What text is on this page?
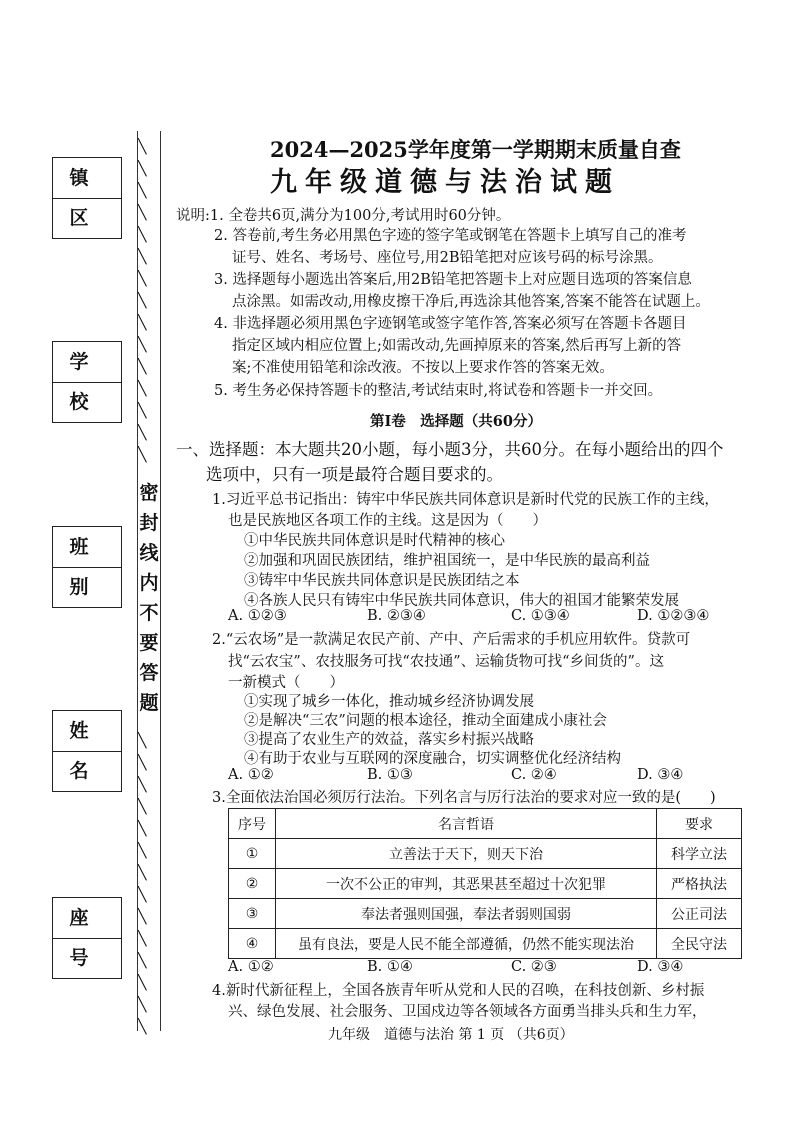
镇区
学校
班别
姓名
座号
╲
╲
╲
╲
╲
╲
╲
╲
╲
╲
╲
╲
╲
╲
╲
╲
╲
╲
╲
╲
╲
╲
╲
╲
╲
╲
╲
╲
╲
密
封
线
内
不
要
答
题
2024—2025学年度第一学期期末质量自查
九年级道德与法治试题
说明:1. 全卷共6页,满分为100分,考试用时60分钟。
2. 答卷前,考生务必用黑色字迹的签字笔或钢笔在答题卡上填写自己的准考
证号、姓名、考场号、座位号,用2B铅笔把对应该号码的标号涂黑。
3. 选择题每小题选出答案后,用2B铅笔把答题卡上对应题目选项的答案信息
点涂黑。如需改动,用橡皮擦干净后,再选涂其他答案,答案不能答在试题上。
4. 非选择题必须用黑色字迹钢笔或签字笔作答,答案必须写在答题卡各题目
指定区域内相应位置上;如需改动,先画掉原来的答案,然后再写上新的答
案;不准使用铅笔和涂改液。不按以上要求作答的答案无效。
5. 考生务必保持答题卡的整洁,考试结束时,将试卷和答题卡一并交回。
第Ⅰ卷　选择题（共60分）
一、选择题：本大题共20小题，每小题3分，共60分。在每小题给出的四个
选项中，只有一项是最符合题目要求的。
1.习近平总书记指出：铸牢中华民族共同体意识是新时代党的民族工作的主线，
也是民族地区各项工作的主线。这是因为（　　）
①中华民族共同体意识是时代精神的核心
②加强和巩固民族团结，维护祖国统一，是中华民族的最高利益
③铸牢中华民族共同体意识是民族团结之本
④各族人民只有铸牢中华民族共同体意识，伟大的祖国才能繁荣发展
A. ①②③	B. ②③④	C. ①③④	D. ①②③④
2.“云农场”是一款满足农民产前、产中、产后需求的手机应用软件。贷款可
找“云农宝”、农技服务可找“农技通”、运输货物可找“乡间货的”。这
一新模式（　　）
①实现了城乡一体化，推动城乡经济协调发展
②是解决“三农”问题的根本途径，推动全面建成小康社会
③提高了农业生产的效益，落实乡村振兴战略
④有助于农业与互联网的深度融合，切实调整优化经济结构
A. ①②	B. ①③	C. ②④	D. ③④
3.全面依法治国必须厉行法治。下列名言与厉行法治的要求对应一致的是(　　)
序号	名言哲语	要求
①	立善法于天下，则天下治	科学立法
②	一次不公正的审判，其恶果甚至超过十次犯罪	严格执法
③	奉法者强则国强，奉法者弱则国弱	公正司法
④	虽有良法，要是人民不能全部遵循，仍然不能实现法治	全民守法
A. ①②	B. ①④	C. ②③	D. ③④
4.新时代新征程上，全国各族青年听从党和人民的召唤，在科技创新、乡村振
兴、绿色发展、社会服务、卫国戍边等各领域各方面勇当排头兵和生力军，
九年级　道德与法治 第 1 页 （共6页）
